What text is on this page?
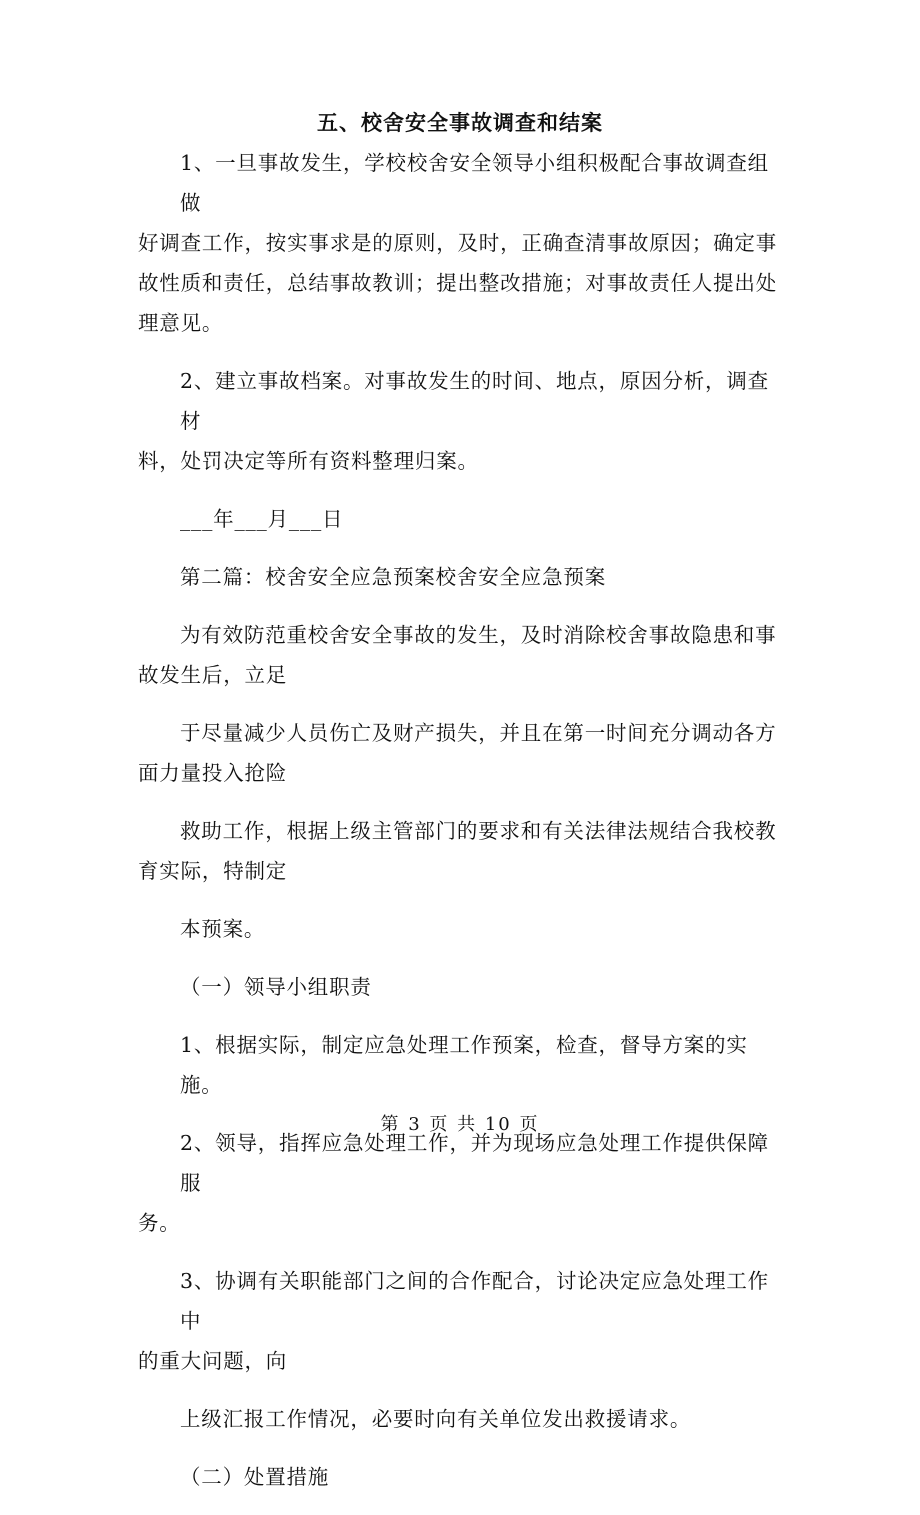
五、校舍安全事故调查和结案
1、一旦事故发生，学校校舍安全领导小组积极配合事故调查组做
好调查工作，按实事求是的原则，及时，正确查清事故原因；确定事
故性质和责任，总结事故教训；提出整改措施；对事故责任人提出处
理意见。
2、建立事故档案。对事故发生的时间、地点，原因分析，调查材
料，处罚决定等所有资料整理归案。
___年___月___日
第二篇：校舍安全应急预案校舍安全应急预案
为有效防范重校舍安全事故的发生，及时消除校舍事故隐患和事
故发生后，立足
于尽量减少人员伤亡及财产损失，并且在第一时间充分调动各方
面力量投入抢险
救助工作，根据上级主管部门的要求和有关法律法规结合我校教
育实际，特制定
本预案。
（一）领导小组职责
1、根据实际，制定应急处理工作预案，检查，督导方案的实施。
2、领导，指挥应急处理工作，并为现场应急处理工作提供保障服
务。
3、协调有关职能部门之间的合作配合，讨论决定应急处理工作中
的重大问题，向
上级汇报工作情况，必要时向有关单位发出救援请求。
（二）处置措施
第 3 页 共 10 页
